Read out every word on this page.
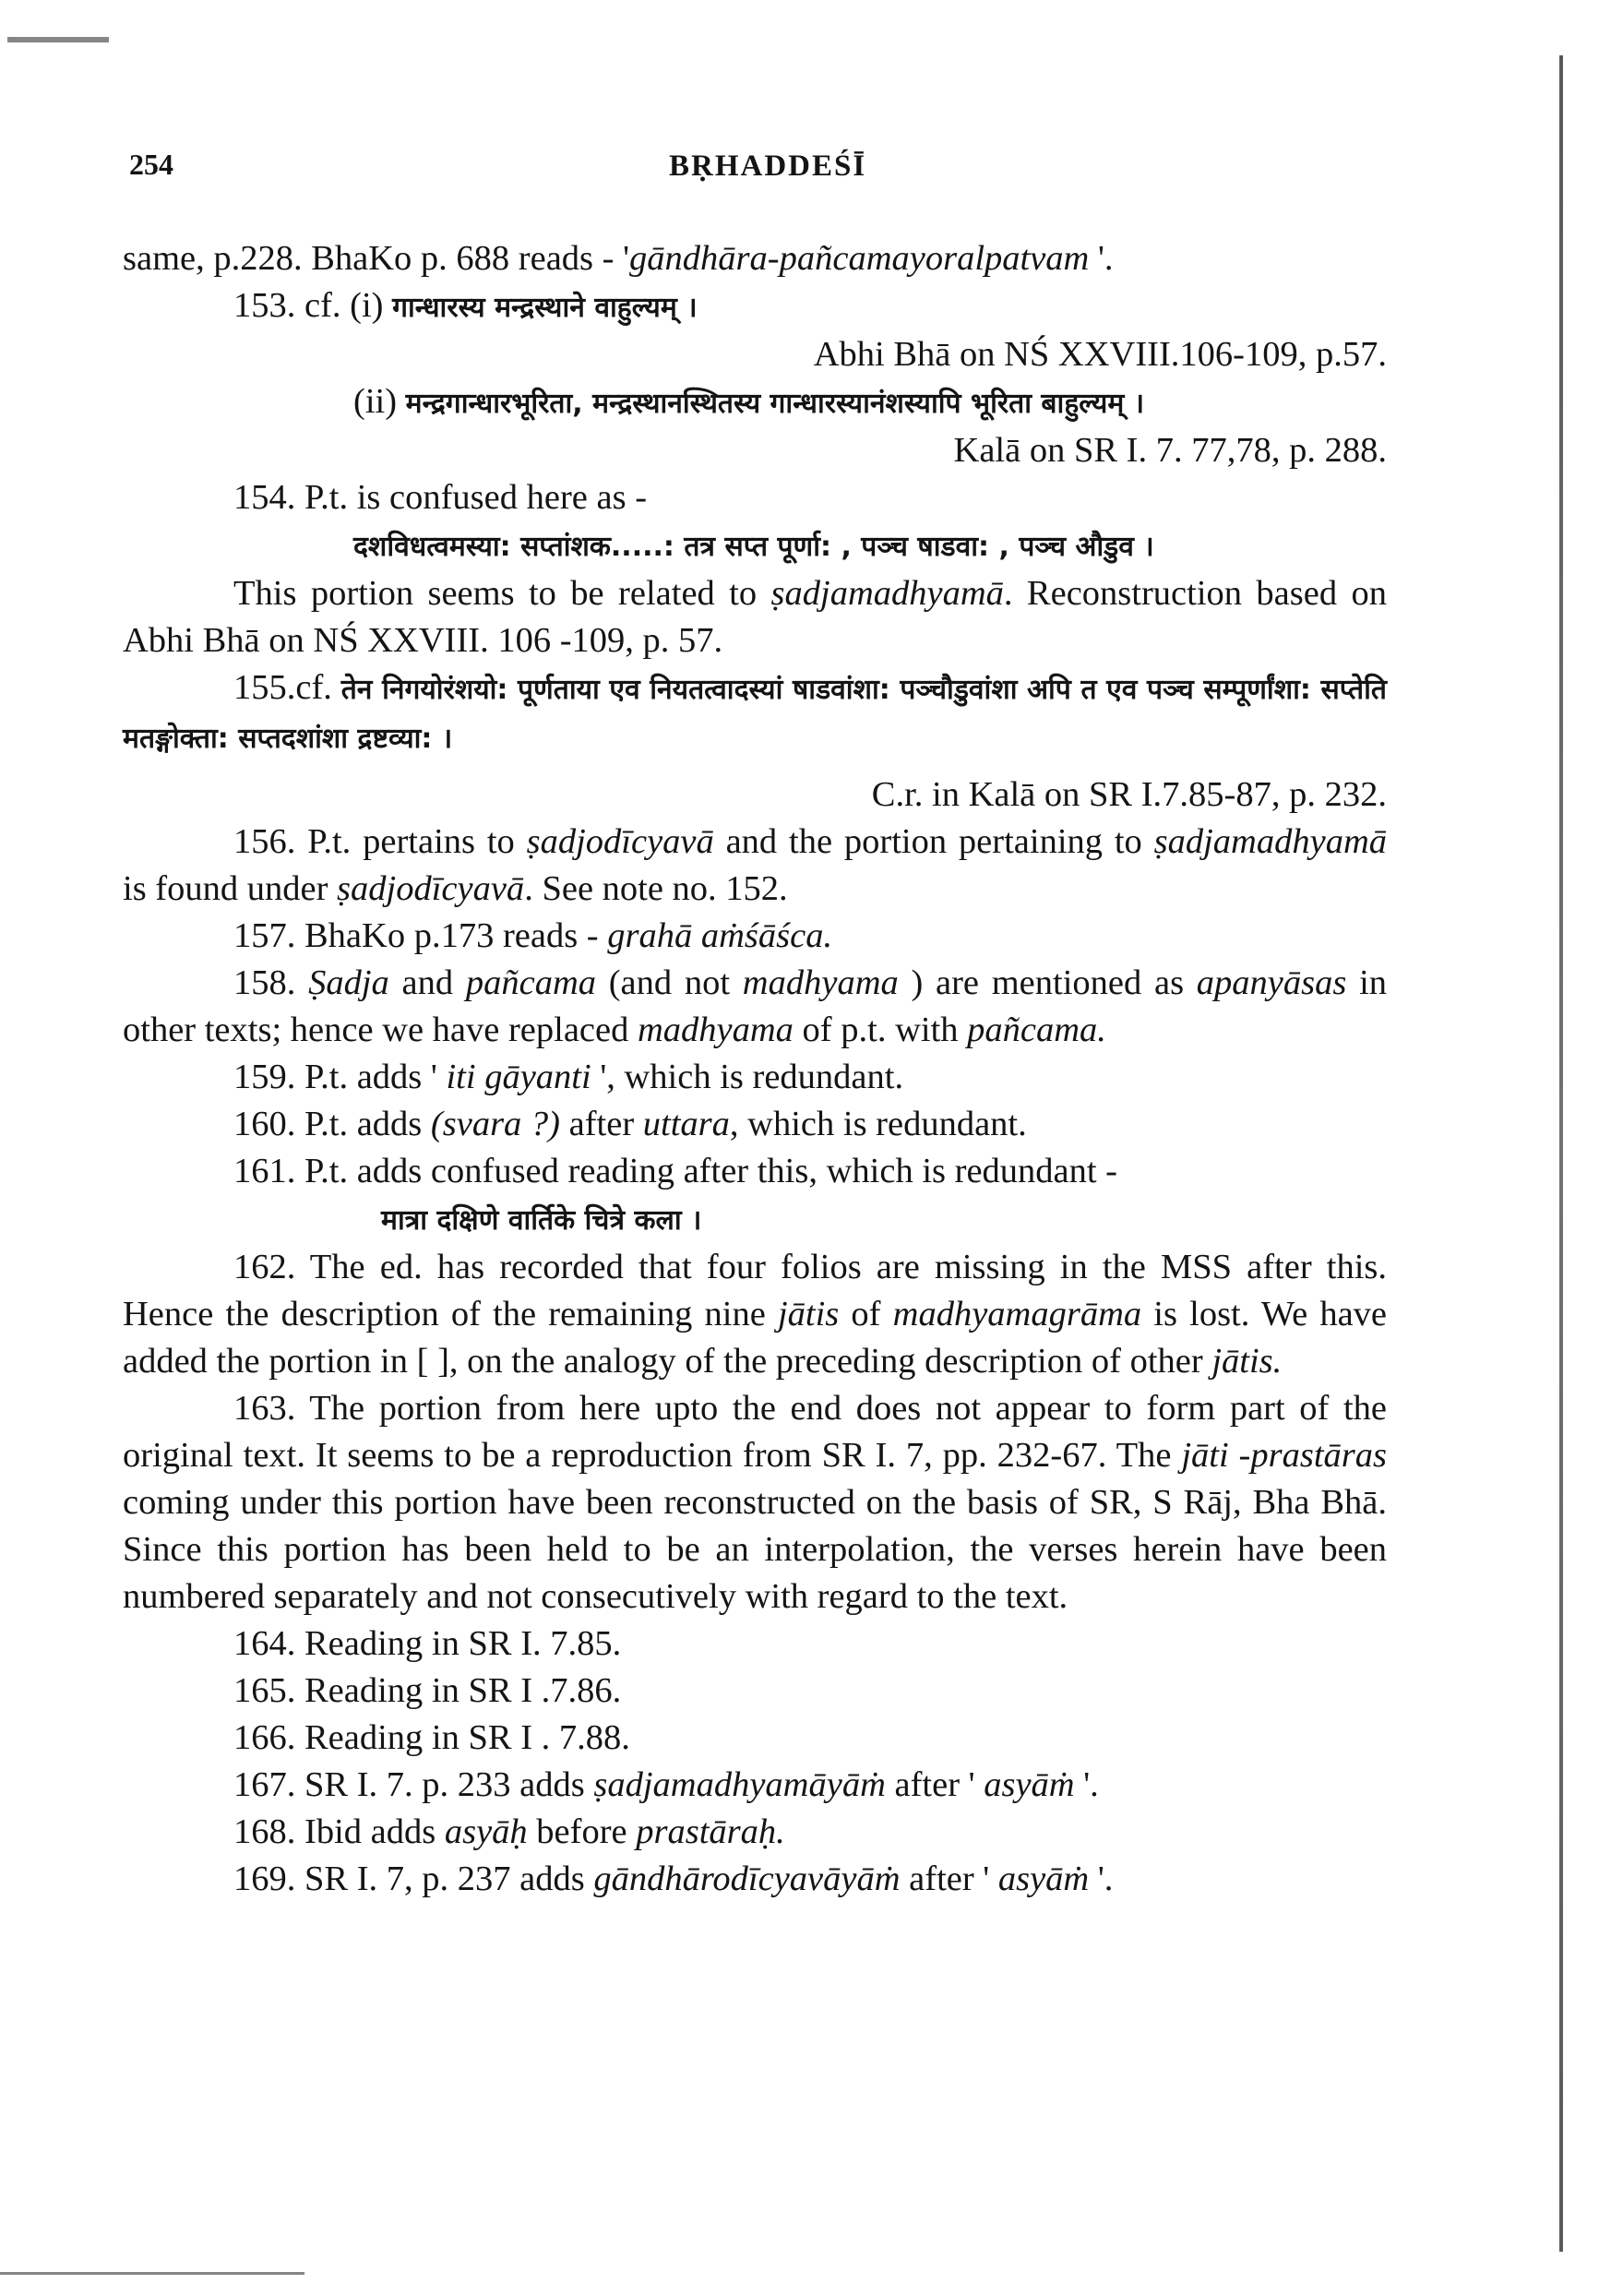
254	BṚHADDEŚĪ

same, p.228. BhaKo p. 688 reads - 'gāndhāra-pañcamayoralpatvam '.

153. cf. (i) गान्धारस्य मन्द्रस्थाने वाहुल्यम् ।

Abhi Bhā on NŚ XXVIII.106-109, p.57.

(ii) मन्द्रगान्धारभूरिता, मन्द्रस्थानस्थितस्य गान्धारस्यानंशस्यापि भूरिता बाहुल्यम् ।

Kalā on SR I. 7. 77,78, p. 288.

154. P.t. is confused here as -

दशविधत्वमस्या: सप्तांशक.....: तत्र सप्त पूर्णा: , पञ्च षाडवा: , पञ्च औडुव ।

This portion seems to be related to ṣadjamadhyamā. Reconstruction based on Abhi Bhā on NŚ XXVIII. 106 -109, p. 57.

155.cf. तेन निगयोरंशयो: पूर्णताया एव नियतत्वादस्यां षाडवांशा: पञ्चौडुवांशा अपि त एव पञ्च सम्पूर्णांशा: सप्तेति मतङ्गोक्ता: सप्तदशांशा द्रष्टव्या: ।

C.r. in Kalā on SR I.7.85-87, p. 232.

156. P.t. pertains to ṣadjodīcyavā and the portion pertaining to ṣadjamadhyamā is found under ṣadjodīcyavā. See note no. 152.

157. BhaKo p.173 reads - grahā aṁśāśca.

158. Ṣadja and pañcama (and not madhyama ) are mentioned as apanyāsas in other texts; hence we have replaced madhyama of p.t. with pañcama.

159. P.t. adds ' iti gāyanti ', which is redundant.

160. P.t. adds (svara ?) after uttara, which is redundant.

161. P.t. adds confused reading after this, which is redundant -

मात्रा दक्षिणे वार्तिके चित्रे कला ।

162. The ed. has recorded that four folios are missing in the MSS after this. Hence the description of the remaining nine jātis of madhyamagrāma is lost. We have added the portion in [ ], on the analogy of the preceding description of other jātis.

163. The portion from here upto the end does not appear to form part of the original text. It seems to be a reproduction from SR I. 7, pp. 232-67. The jāti -prastāras coming under this portion have been reconstructed on the basis of SR, S Rāj, Bha Bhā. Since this portion has been held to be an interpolation, the verses herein have been numbered separately and not consecutively with regard to the text.

164. Reading in SR I. 7.85.

165. Reading in SR I .7.86.

166. Reading in SR I . 7.88.

167. SR I. 7. p. 233 adds ṣadjamadhyamāyāṁ after ' asyāṁ '.

168. Ibid adds asyāḥ before prastāraḥ.

169. SR I. 7, p. 237 adds gāndhārodīcyavāyāṁ after ' asyāṁ '.
